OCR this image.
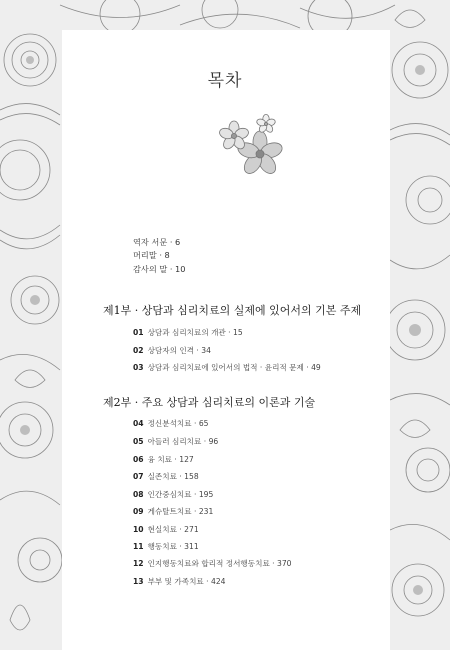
목차
역자 서문 · 6
머리말 · 8
감사의 말 · 10
제1부 · 상담과 심리치료의 실제에 있어서의 기본 주제
01 상담과 심리치료의 개관 · 15
02 상담자의 인격 · 34
03 상담과 심리치료에 있어서의 법적 · 윤리적 문제 · 49
제2부 · 주요 상담과 심리치료의 이론과 기술
04 정신분석치료 · 65
05 아들러 심리치료 · 96
06 융 치료 · 127
07 실존치료 · 158
08 인간중심치료 · 195
09 게슈탈트치료 · 231
10 현실치료 · 271
11 행동치료 · 311
12 인지행동치료와 합리적 정서행동치료 · 370
13 부부 및 가족치료 · 424
